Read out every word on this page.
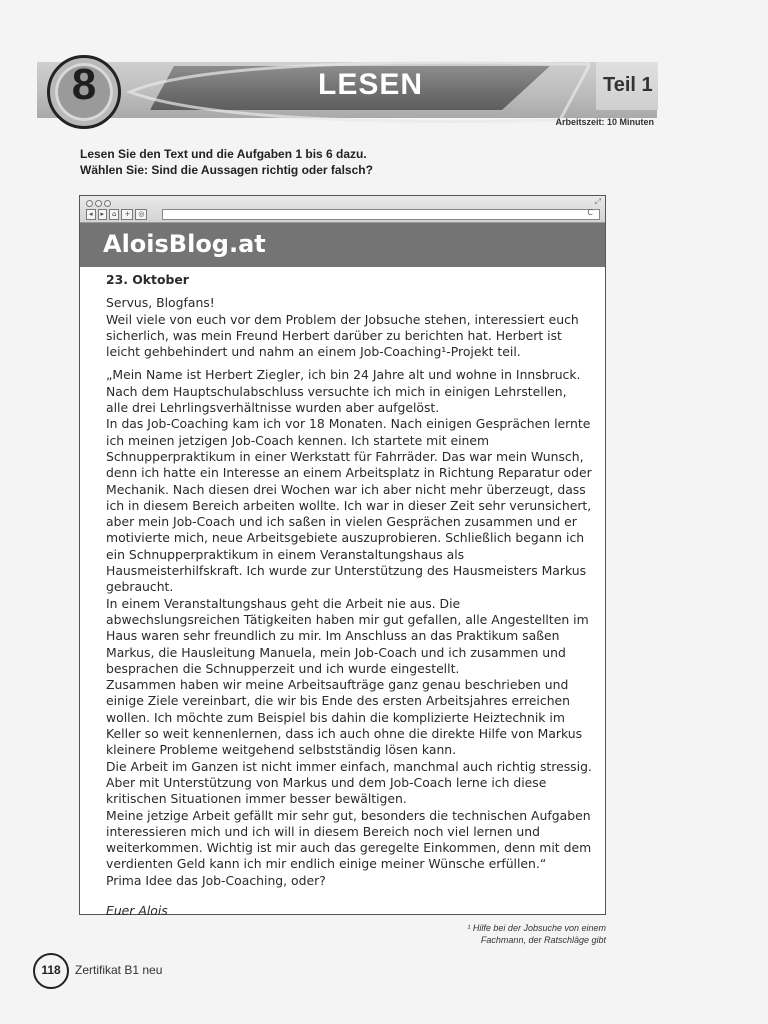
LESEN	Teil 1
Arbeitszeit: 10 Minuten
8
Lesen Sie den Text und die Aufgaben 1 bis 6 dazu.
Wählen Sie: Sind die Aussagen richtig oder falsch?
◂	▸	⌂	+	◎	C
⤢
AloisBlog.at
23. Oktober
Servus, Blogfans!
Weil viele von euch vor dem Problem der Jobsuche stehen, interessiert euch sicherlich, was mein Freund Herbert darüber zu berichten hat. Herbert ist leicht gehbehindert und nahm an einem Job-Coaching¹-Projekt teil.
„Mein Name ist Herbert Ziegler, ich bin 24 Jahre alt und wohne in Innsbruck. Nach dem Hauptschulabschluss versuchte ich mich in einigen Lehrstellen, alle drei Lehrlingsverhältnisse wurden aber aufgelöst.
In das Job-Coaching kam ich vor 18 Monaten. Nach einigen Gesprächen lernte ich meinen jetzigen Job-Coach kennen. Ich startete mit einem Schnupperpraktikum in einer Werkstatt für Fahrräder. Das war mein Wunsch, denn ich hatte ein Interesse an einem Arbeitsplatz in Richtung Reparatur oder Mechanik. Nach diesen drei Wochen war ich aber nicht mehr überzeugt, dass ich in diesem Bereich arbeiten wollte. Ich war in dieser Zeit sehr verunsichert, aber mein Job-Coach und ich saßen in vielen Gesprächen zusammen und er motivierte mich, neue Arbeitsgebiete auszuprobieren. Schließlich begann ich ein Schnupperpraktikum in einem Veranstaltungshaus als Hausmeisterhilfskraft. Ich wurde zur Unterstützung des Hausmeisters Markus gebraucht.
In einem Veranstaltungshaus geht die Arbeit nie aus. Die abwechslungsreichen Tätigkeiten haben mir gut gefallen, alle Angestellten im Haus waren sehr freundlich zu mir. Im Anschluss an das Praktikum saßen Markus, die Hausleitung Manuela, mein Job-Coach und ich zusammen und besprachen die Schnupperzeit und ich wurde eingestellt.
Zusammen haben wir meine Arbeitsaufträge ganz genau beschrieben und einige Ziele vereinbart, die wir bis Ende des ersten Arbeitsjahres erreichen wollen. Ich möchte zum Beispiel bis dahin die komplizierte Heiztechnik im Keller so weit kennenlernen, dass ich auch ohne die direkte Hilfe von Markus kleinere Probleme weitgehend selbstständig lösen kann.
Die Arbeit im Ganzen ist nicht immer einfach, manchmal auch richtig stressig. Aber mit Unterstützung von Markus und dem Job-Coach lerne ich diese kritischen Situationen immer besser bewältigen.
Meine jetzige Arbeit gefällt mir sehr gut, besonders die technischen Aufgaben interessieren mich und ich will in diesem Bereich noch viel lernen und weiterkommen. Wichtig ist mir auch das geregelte Einkommen, denn mit dem verdienten Geld kann ich mir endlich einige meiner Wünsche erfüllen.“
Prima Idee das Job-Coaching, oder?
Euer Alois
¹ Hilfe bei der Jobsuche von einem
Fachmann, der Ratschläge gibt
118	Zertifikat B1 neu
